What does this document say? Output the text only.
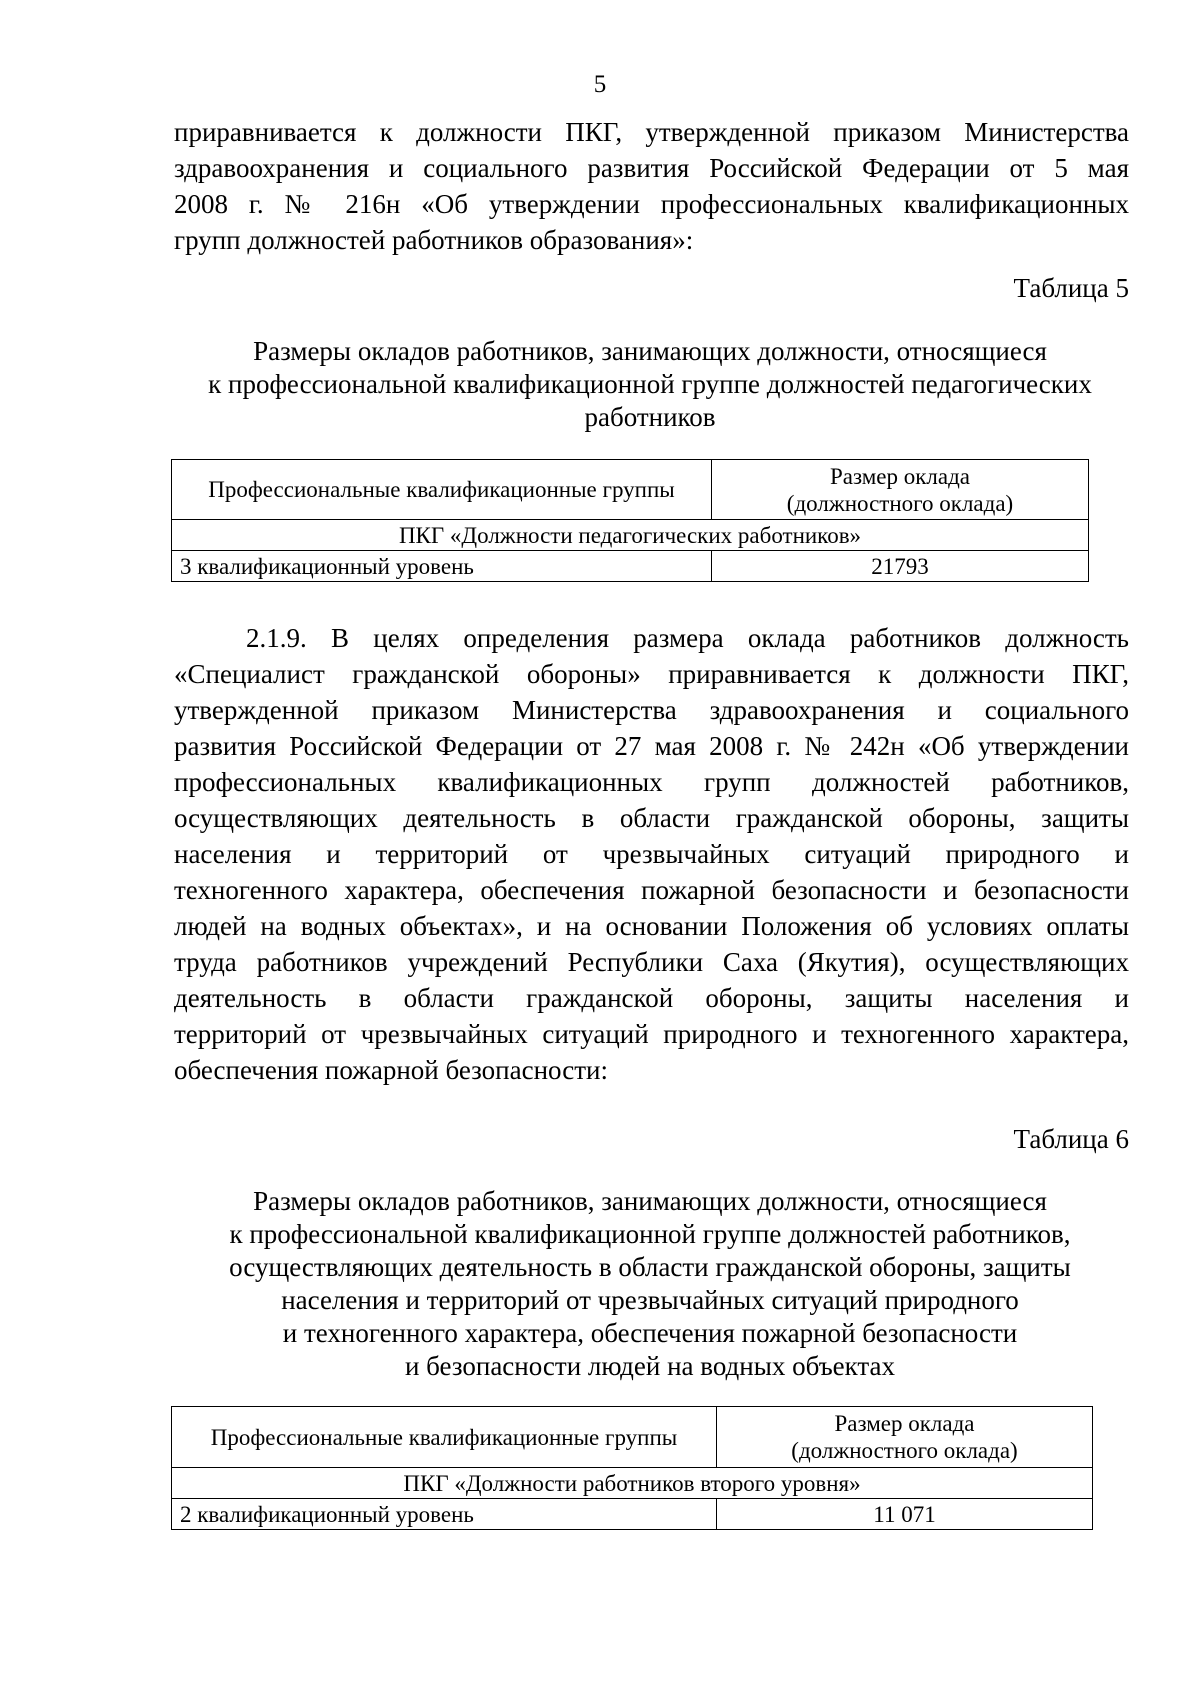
5
приравнивается к должности ПКГ, утвержденной приказом Министерства
здравоохранения и социального развития Российской Федерации от 5 мая
2008 г. № 216н «Об утверждении профессиональных квалификационных
групп должностей работников образования»:
Таблица 5
Размеры окладов работников, занимающих должности, относящиеся
к профессиональной квалификационной группе должностей педагогических
работников
Профессиональные квалификационные группы	Размер оклада
(должностного оклада)

ПКГ «Должности педагогических работников»	
3 квалификационный уровень	21793
2.1.9. В целях определения размера оклада работников должность
«Специалист гражданской обороны» приравнивается к должности ПКГ,
утвержденной приказом Министерства здравоохранения и социального
развития Российской Федерации от 27 мая 2008 г. № 242н «Об утверждении
профессиональных квалификационных групп должностей работников,
осуществляющих деятельность в области гражданской обороны, защиты
населения и территорий от чрезвычайных ситуаций природного и
техногенного характера, обеспечения пожарной безопасности и безопасности
людей на водных объектах», и на основании Положения об условиях оплаты
труда работников учреждений Республики Саха (Якутия), осуществляющих
деятельность в области гражданской обороны, защиты населения и
территорий от чрезвычайных ситуаций природного и техногенного характера,
обеспечения пожарной безопасности:
Таблица 6
Размеры окладов работников, занимающих должности, относящиеся
к профессиональной квалификационной группе должностей работников,
осуществляющих деятельность в области гражданской обороны, защиты
населения и территорий от чрезвычайных ситуаций природного
и техногенного характера, обеспечения пожарной безопасности
и безопасности людей на водных объектах
Профессиональные квалификационные группы	Размер оклада
(должностного оклада)

ПКГ «Должности работников второго уровня»	
2 квалификационный уровень	11 071
